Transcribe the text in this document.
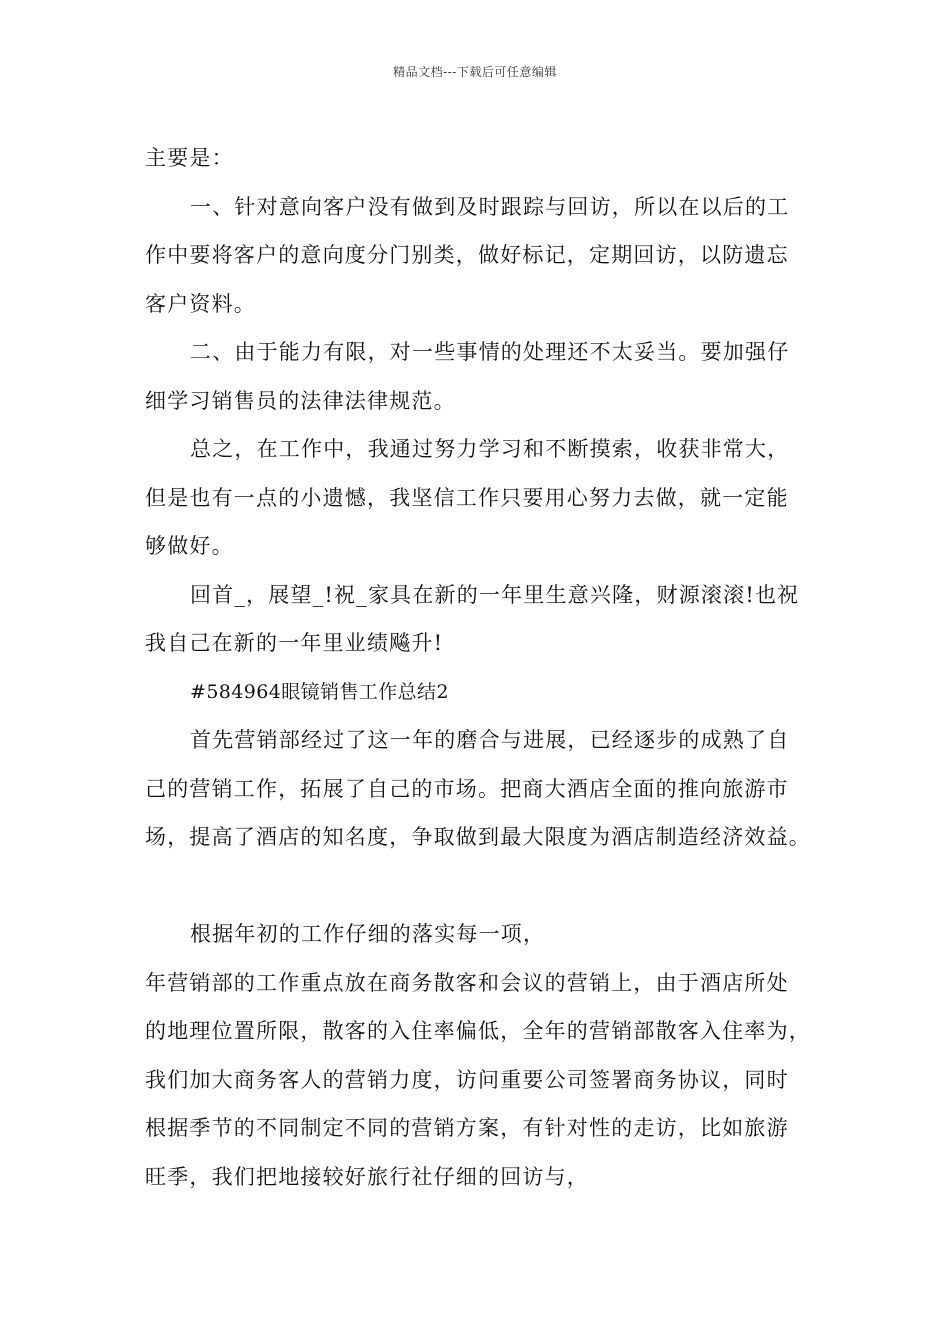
精品文档---下载后可任意编辑
主要是：
一、针对意向客户没有做到及时跟踪与回访，所以在以后的工
作中要将客户的意向度分门别类，做好标记，定期回访，以防遗忘
客户资料。
二、由于能力有限，对一些事情的处理还不太妥当。要加强仔
细学习销售员的法律法律规范。
总之，在工作中，我通过努力学习和不断摸索，收获非常大，
但是也有一点的小遗憾，我坚信工作只要用心努力去做，就一定能
够做好。
回首_，展望_!祝_家具在新的一年里生意兴隆，财源滚滚!也祝
我自己在新的一年里业绩飚升!
#584964眼镜销售工作总结2
首先营销部经过了这一年的磨合与进展，已经逐步的成熟了自
己的营销工作，拓展了自己的市场。把商大酒店全面的推向旅游市
场，提高了酒店的知名度，争取做到最大限度为酒店制造经济效益。
根据年初的工作仔细的落实每一项，
年营销部的工作重点放在商务散客和会议的营销上，由于酒店所处
的地理位置所限，散客的入住率偏低，全年的营销部散客入住率为，
我们加大商务客人的营销力度，访问重要公司签署商务协议，同时
根据季节的不同制定不同的营销方案，有针对性的走访，比如旅游
旺季，我们把地接较好旅行社仔细的回访与，
